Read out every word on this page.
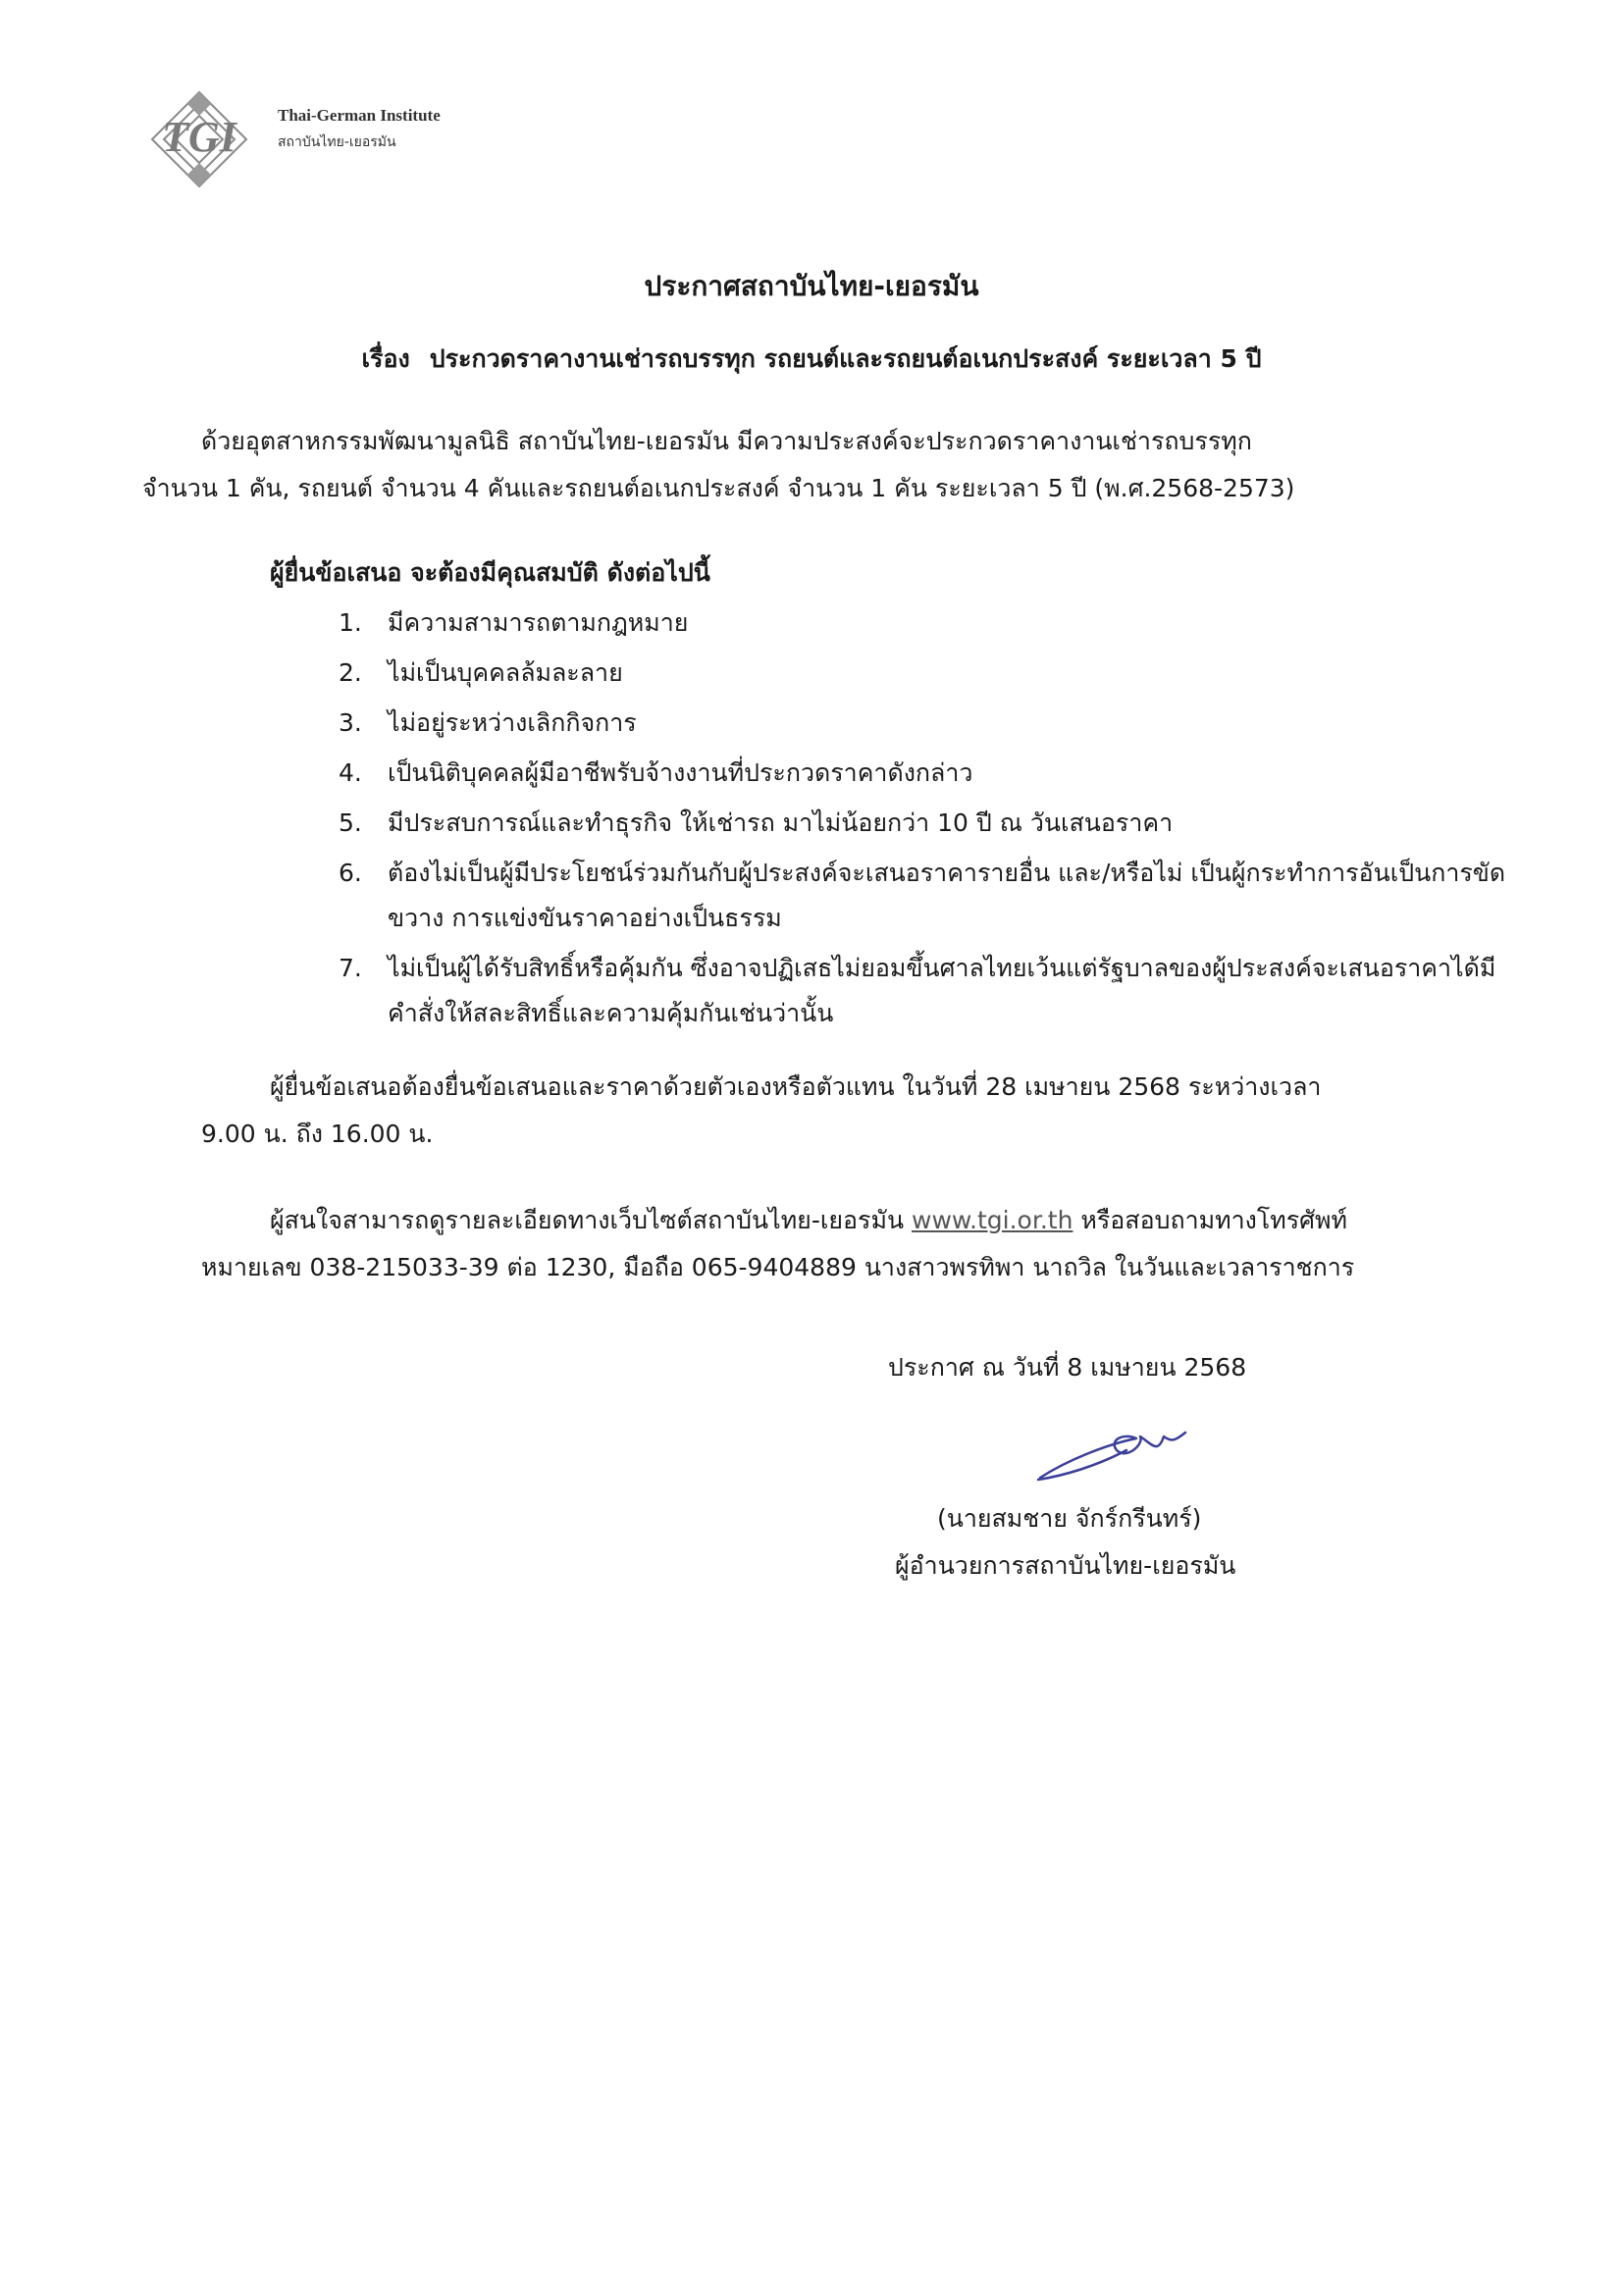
TGI Thai-German Institute
สถาบันไทย-เยอรมัน
ประกาศสถาบันไทย-เยอรมัน
เรื่อง ประกวดราคางานเช่ารถบรรทุก รถยนต์และรถยนต์อเนกประสงค์ ระยะเวลา 5 ปี
ด้วยอุตสาหกรรมพัฒนามูลนิธิ สถาบันไทย-เยอรมัน มีความประสงค์จะประกวดราคางานเช่ารถบรรทุก
จำนวน 1 คัน, รถยนต์ จำนวน 4 คันและรถยนต์อเนกประสงค์ จำนวน 1 คัน ระยะเวลา 5 ปี (พ.ศ.2568-2573)
ผู้ยื่นข้อเสนอ จะต้องมีคุณสมบัติ ดังต่อไปนี้
1. มีความสามารถตามกฎหมาย
2. ไม่เป็นบุคคลล้มละลาย
3. ไม่อยู่ระหว่างเลิกกิจการ
4. เป็นนิติบุคคลผู้มีอาชีพรับจ้างงานที่ประกวดราคาดังกล่าว
5. มีประสบการณ์และทำธุรกิจ ให้เช่ารถ มาไม่น้อยกว่า 10 ปี ณ วันเสนอราคา
6. ต้องไม่เป็นผู้มีประโยชน์ร่วมกันกับผู้ประสงค์จะเสนอราคารายอื่น และ/หรือไม่ เป็นผู้กระทำการอันเป็นการขัดขวาง การแข่งขันราคาอย่างเป็นธรรม
7. ไม่เป็นผู้ได้รับสิทธิ์หรือคุ้มกัน ซึ่งอาจปฏิเสธไม่ยอมขึ้นศาลไทยเว้นแต่รัฐบาลของผู้ประสงค์จะเสนอราคาได้มีคำสั่งให้สละสิทธิ์และความคุ้มกันเช่นว่านั้น
ผู้ยื่นข้อเสนอต้องยื่นข้อเสนอและราคาด้วยตัวเองหรือตัวแทน ในวันที่ 28 เมษายน 2568 ระหว่างเวลา
9.00 น. ถึง 16.00 น.
ผู้สนใจสามารถดูรายละเอียดทางเว็บไซต์สถาบันไทย-เยอรมัน www.tgi.or.th หรือสอบถามทางโทรศัพท์
หมายเลข 038-215033-39 ต่อ 1230, มือถือ 065-9404889 นางสาวพรทิพา นาถวิล ในวันและเวลาราชการ
ประกาศ ณ วันที่ 8 เมษายน 2568
(นายสมชาย จักร์กรีนทร์)
ผู้อำนวยการสถาบันไทย-เยอรมัน
